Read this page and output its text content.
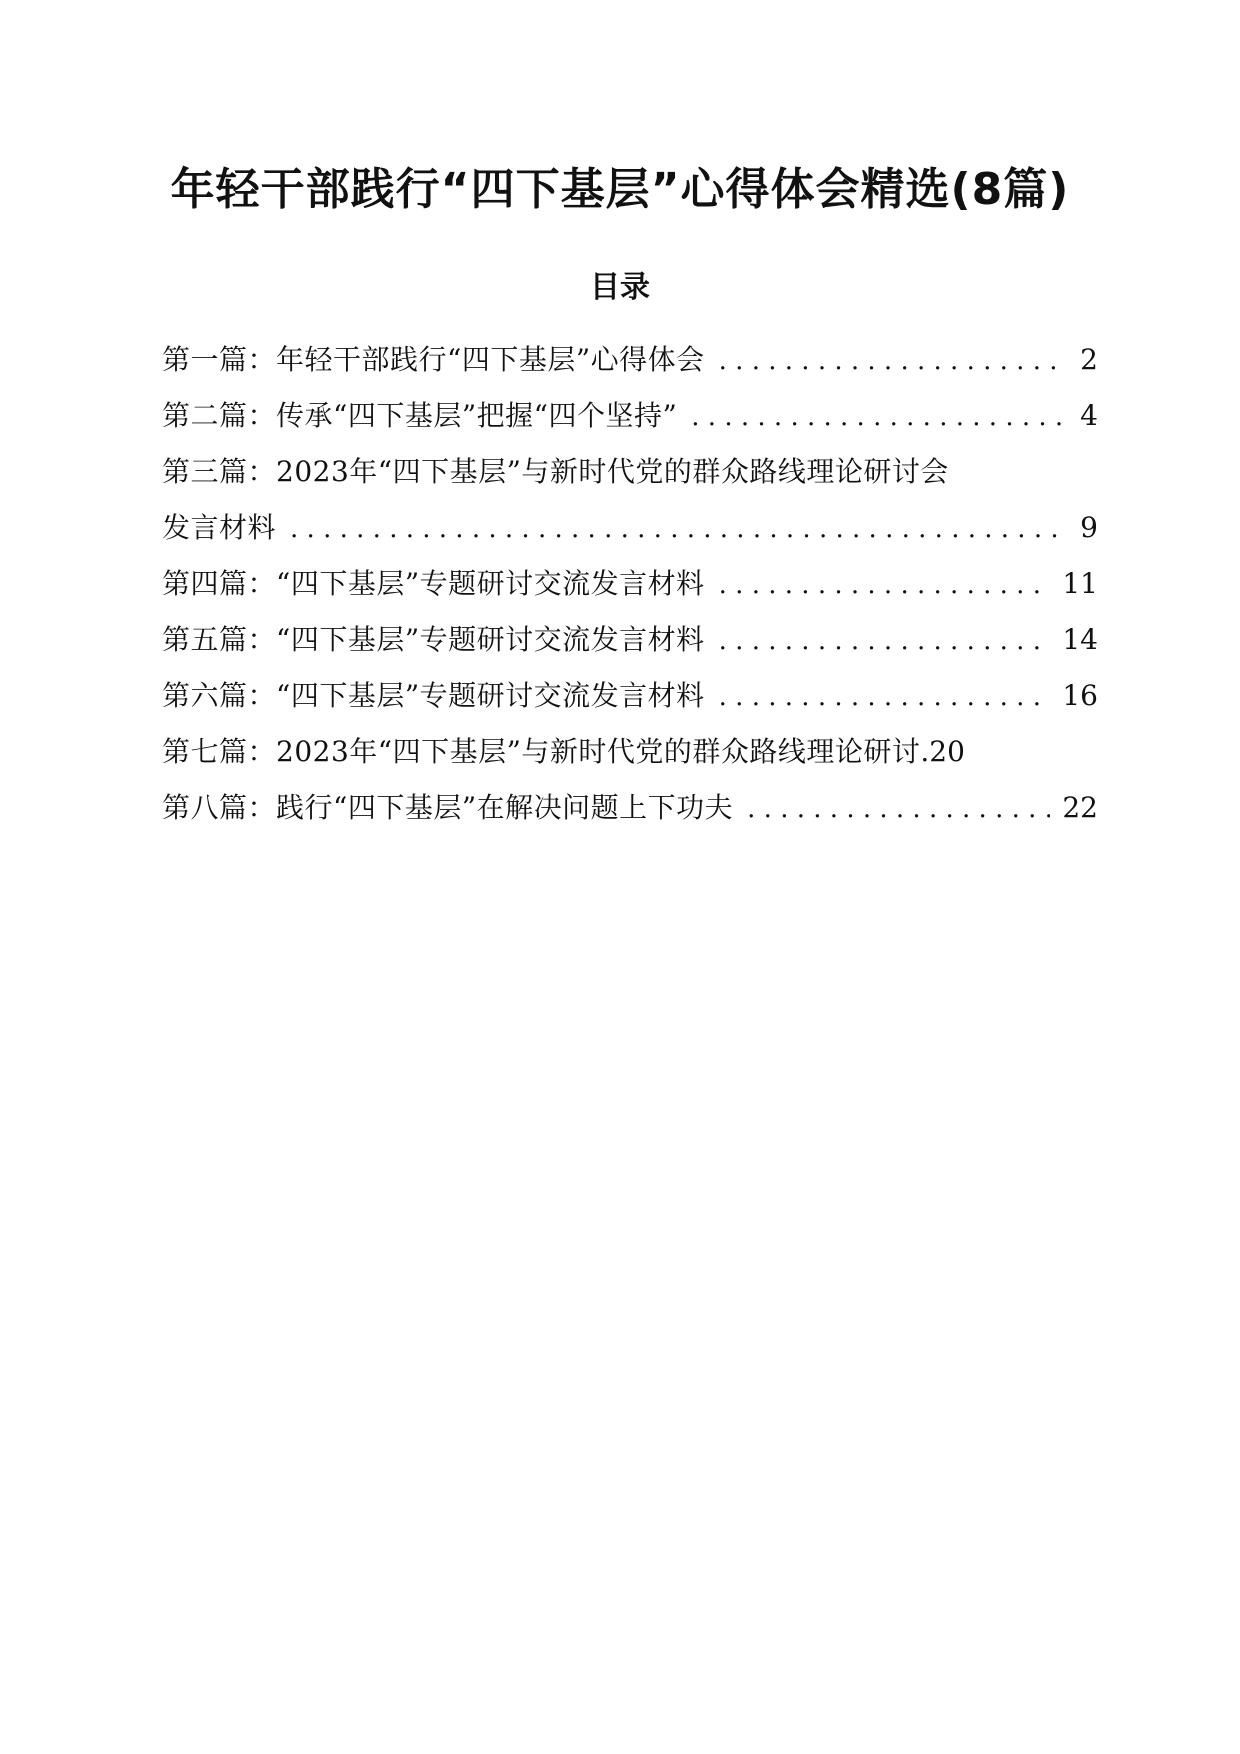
年轻干部践行“四下基层”心得体会精选(8篇)
目录
第一篇：年轻干部践行“四下基层”心得体会 . . .	2
第二篇：传承“四下基层”把握“四个坚持” . . .	4
第三篇：2023年“四下基层”与新时代党的群众路线理论研讨会
发言材料 . . .	9
第四篇：“四下基层”专题研讨交流发言材料 . . .	11
第五篇：“四下基层”专题研讨交流发言材料 . . .	14
第六篇：“四下基层”专题研讨交流发言材料 . . .	16
第七篇：2023年“四下基层”与新时代党的群众路线理论研讨 .20
第八篇：践行“四下基层”在解决问题上下功夫 . . .	22
